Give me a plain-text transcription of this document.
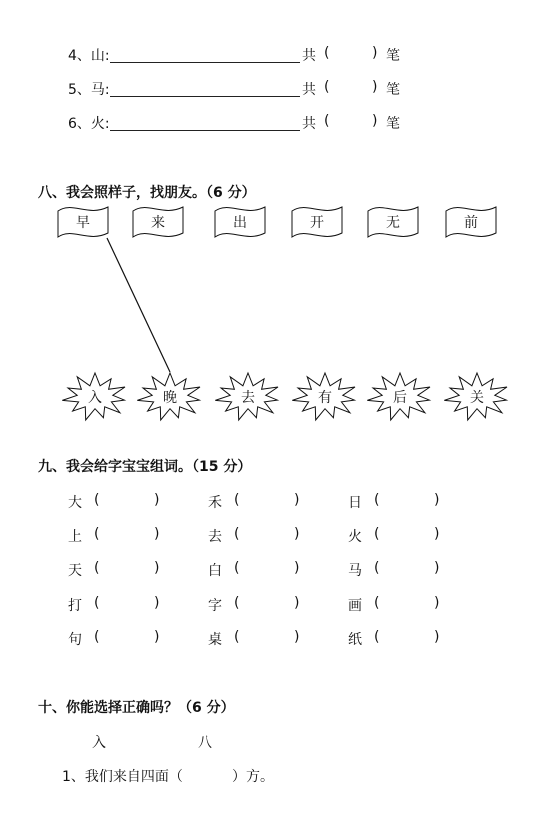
4、山:	共 (	) 笔
5、马:	共 (	) 笔
6、火:	共 (	) 笔
八、我会照样子，找朋友。（6 分）
早	来	出	开	无	前
入	晚	去	有	后	关
九、我会给字宝宝组词。（15 分）
大 (	)	禾 (	)	日 (	)
上 (	)	去 (	)	火 (	)
天 (	)	白 (	)	马 (	)
打 (	)	字 (	)	画 (	)
句 (	)	桌 (	)	纸 (	)
十、你能选择正确吗？（6 分）
入	八
1、我们来自四面（	）方。
